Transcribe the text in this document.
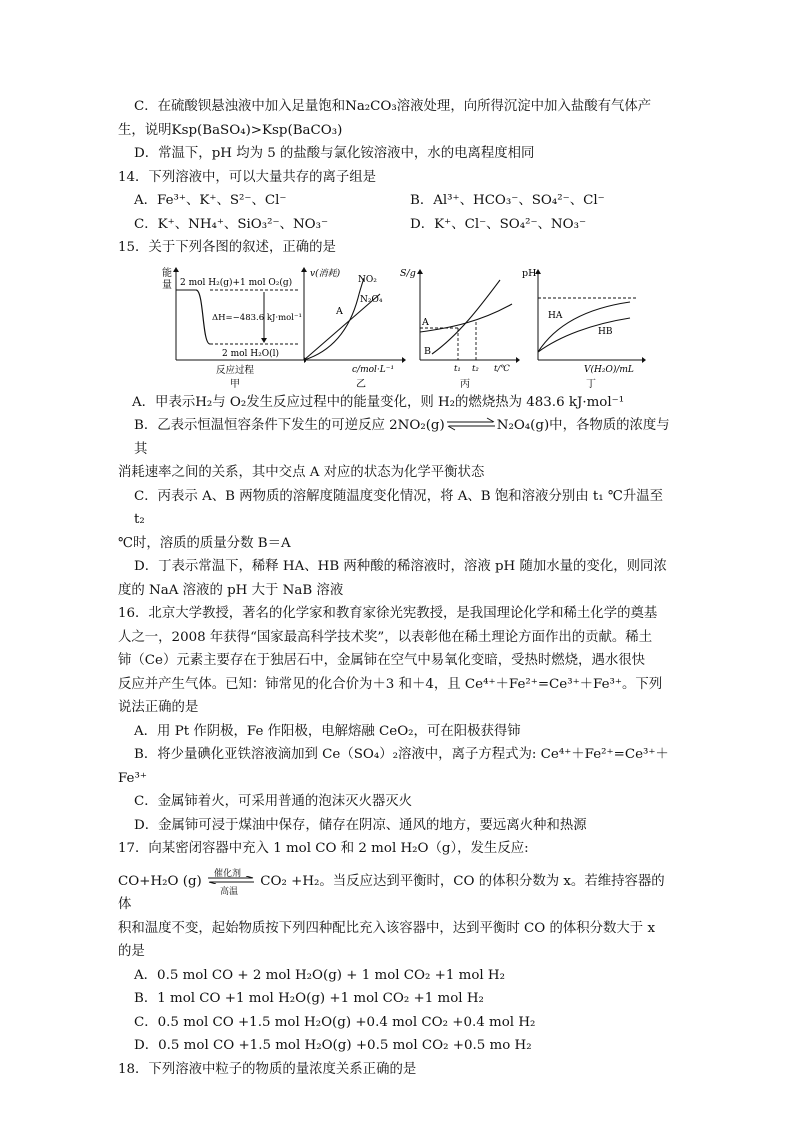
C．在硫酸钡悬浊液中加入足量饱和Na₂CO₃溶液处理，向所得沉淀中加入盐酸有气体产

生，说明Ksp(BaSO₄)>Ksp(BaCO₃)

D．常温下，pH 均为 5 的盐酸与氯化铵溶液中，水的电离程度相同

14．下列溶液中，可以大量共存的离子组是

A．Fe³⁺、K⁺、S²⁻、Cl⁻	B．Al³⁺、HCO₃⁻、SO₄²⁻、Cl⁻
C．K⁺、NH₄⁺、SiO₃²⁻、NO₃⁻	D．K⁺、Cl⁻、SO₄²⁻、NO₃⁻

15．关于下列各图的叙述，正确的是

能
量 2 mol H₂(g)+1 mol O₂(g)
ΔH=−483.6 kJ·mol⁻¹
2 mol H₂O(l)
反应过程
甲
v(消耗)
NO₂
N₂O₄
A
c/mol·L⁻¹
乙
S/g
A
B
t₁ t₂ t/℃
丙
pH
HA
HB
V(H₂O)/mL
丁

A．甲表示H₂与 O₂发生反应过程中的能量变化，则 H₂的燃烧热为 483.6 kJ·mol⁻¹

B．乙表示恒温恒容条件下发生的可逆反应 2NO₂(g)⇌N₂O₄(g)中，各物质的浓度与其

消耗速率之间的关系，其中交点 A 对应的状态为化学平衡状态

C．丙表示 A、B 两物质的溶解度随温度变化情况，将 A、B 饱和溶液分别由 t₁ ℃升温至 t₂

℃时，溶质的质量分数 B＝A

D．丁表示常温下，稀释 HA、HB 两种酸的稀溶液时，溶液 pH 随加水量的变化，则同浓

度的 NaA 溶液的 pH 大于 NaB 溶液

16．北京大学教授，著名的化学家和教育家徐光宪教授，是我国理论化学和稀土化学的奠基

人之一，2008 年获得“国家最高科学技术奖”，以表彰他在稀土理论方面作出的贡献。稀土

铈（Ce）元素主要存在于独居石中，金属铈在空气中易氧化变暗，受热时燃烧，遇水很快

反应并产生气体。已知：铈常见的化合价为＋3 和＋4，且 Ce⁴⁺＋Fe²⁺=Ce³⁺＋Fe³⁺。下列

说法正确的是

A．用 Pt 作阴极，Fe 作阳极，电解熔融 CeO₂，可在阳极获得铈

B．将少量碘化亚铁溶液滴加到 Ce（SO₄）₂溶液中，离子方程式为: Ce⁴⁺＋Fe²⁺=Ce³⁺＋

Fe³⁺

C．金属铈着火，可采用普通的泡沫灭火器灭火

D．金属铈可浸于煤油中保存，储存在阴凉、通风的地方，要远离火种和热源

17．向某密闭容器中充入 1 mol CO 和 2 mol H₂O（g），发生反应:

CO+H₂O (g) 催化剂
高温
CO₂ +H₂。当反应达到平衡时，CO 的体积分数为 x。若维持容器的体

积和温度不变，起始物质按下列四种配比充入该容器中，达到平衡时 CO 的体积分数大于 x

的是

A．0.5 mol CO + 2 mol H₂O(g) + 1 mol CO₂ +1 mol H₂

B．1 mol CO +1 mol H₂O(g) +1 mol CO₂ +1 mol H₂

C．0.5 mol CO +1.5 mol H₂O(g) +0.4 mol CO₂ +0.4 mol H₂

D．0.5 mol CO +1.5 mol H₂O(g) +0.5 mol CO₂ +0.5 mo H₂

18．下列溶液中粒子的物质的量浓度关系正确的是
